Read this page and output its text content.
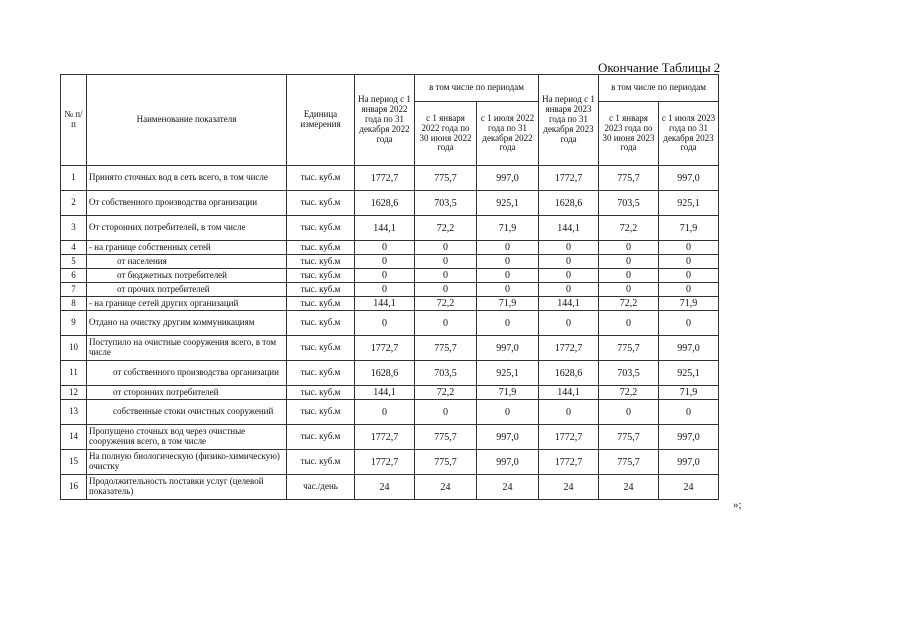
Окончание Таблицы 2
№ п/п	Наименование показателя	Единица измерения	На период с 1 января 2022 года по 31 декабря 2022 года	в том числе по периодам		На период с 1 января 2023 года по 31 декабря 2023 года	в том числе по периодам	
				с 1 января 2022 года по 30 июня 2022 года	с 1 июля 2022 года по 31 декабря 2022 года		с 1 января 2023 года по 30 июня 2023 года	с 1 июля 2023 года по 31 декабря 2023 года
1	Принято сточных вод в сеть всего, в том числе	тыс. куб.м	1772,7	775,7	997,0	1772,7	775,7	997,0
2	От собственного производства организации	тыс. куб.м	1628,6	703,5	925,1	1628,6	703,5	925,1
3	От сторонних потребителей, в том числе	тыс. куб.м	144,1	72,2	71,9	144,1	72,2	71,9
4	- на границе собственных сетей	тыс. куб.м	0	0	0	0	0	0
5	от населения	тыс. куб.м	0	0	0	0	0	0
6	от бюджетных потребителей	тыс. куб.м	0	0	0	0	0	0
7	от прочих потребителей	тыс. куб.м	0	0	0	0	0	0
8	- на границе сетей других организаций	тыс. куб.м	144,1	72,2	71,9	144,1	72,2	71,9
9	Отдано на очистку другим коммуникациям	тыс. куб.м	0	0	0	0	0	0
10	Поступило на очистные сооружения всего, в том числе	тыс. куб.м	1772,7	775,7	997,0	1772,7	775,7	997,0
11	от собственного производства организации	тыс. куб.м	1628,6	703,5	925,1	1628,6	703,5	925,1
12	от сторонних потребителей	тыс. куб.м	144,1	72,2	71,9	144,1	72,2	71,9
13	собственные стоки очистных сооружений	тыс. куб.м	0	0	0	0	0	0
14	Пропущено сточных вод через очистные сооружения всего, в том числе	тыс. куб.м	1772,7	775,7	997,0	1772,7	775,7	997,0
15	На полную биологическую (физико-химическую) очистку	тыс. куб.м	1772,7	775,7	997,0	1772,7	775,7	997,0
16	Продолжительность поставки услуг (целевой показатель)	час./день	24	24	24	24	24	24
»;
